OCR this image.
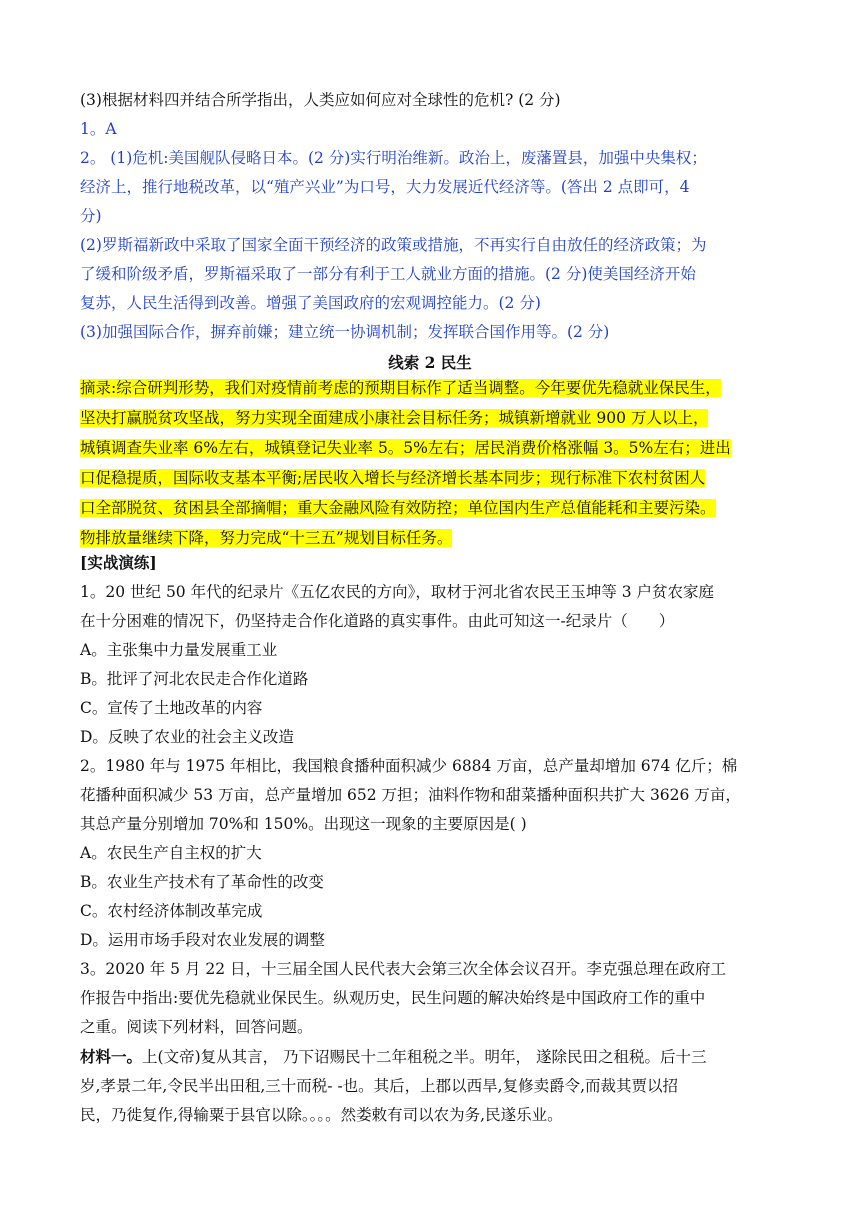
(3)根据材料四并结合所学指出，人类应如何应对全球性的危机? (2 分)

1。A

2。 (1)危机:美国舰队侵略日本。(2 分)实行明治维新。政治上，废藩置县，加强中央集权；
经济上，推行地税改革，以“殖产兴业”为口号，大力发展近代经济等。(答出 2 点即可，4
分)
(2)罗斯福新政中采取了国家全面干预经济的政策或措施，不再实行自由放任的经济政策；为
了缓和阶级矛盾，罗斯福采取了一部分有利于工人就业方面的措施。(2 分)使美国经济开始
复苏，人民生活得到改善。增强了美国政府的宏观调控能力。(2 分)

(3)加强国际合作，摒弃前嫌；建立统一协调机制；发挥联合国作用等。(2 分)

线索 2 民生

摘录:综合研判形势，我们对疫情前考虑的预期目标作了适当调整。今年要优先稳就业保民生，
坚决打赢脱贫攻坚战，努力实现全面建成小康社会目标任务；城镇新增就业 900 万人以上，
城镇调查失业率 6%左右，城镇登记失业率 5。5%左右；居民消费价格涨幅 3。5%左右；进出
口促稳提质，国际收支基本平衡;居民收入增长与经济增长基本同步；现行标准下农村贫困人
口全部脱贫、贫困县全部摘帽；重大金融风险有效防控；单位国内生产总值能耗和主要污染。
物排放量继续下降，努力完成“十三五”规划目标任务。

[实战演练]

1。20 世纪 50 年代的纪录片《五亿农民的方向》，取材于河北省农民王玉坤等 3 户贫农家庭
在十分困难的情况下，仍坚持走合作化道路的真实事件。由此可知这一-纪录片（　　）
A。主张集中力量发展重工业
B。批评了河北农民走合作化道路
C。宣传了土地改革的内容
D。反映了农业的社会主义改造
2。1980 年与 1975 年相比，我国粮食播种面积减少 6884 万亩，总产量却增加 674 亿斤；棉
花播种面积减少 53 万亩，总产量增加 652 万担；油料作物和甜菜播种面积共扩大 3626 万亩，
其总产量分别增加 70%和 150%。出现这一现象的主要原因是( )
A。农民生产自主权的扩大
B。农业生产技术有了革命性的改变
C。农村经济体制改革完成
D。运用市场手段对农业发展的调整
3。2020 年 5 月 22 日，十三届全国人民代表大会第三次全体会议召开。李克强总理在政府工
作报告中指出:要优先稳就业保民生。纵观历史，民生问题的解决始终是中国政府工作的重中
之重。阅读下列材料，回答问题。
材料一。上(文帝)复从其言， 乃下诏赐民十二年租税之半。明年， 遂除民田之租税。后十三
岁,孝景二年,令民半出田租,三十而税- -也。其后，上郡以西旱,复修卖爵令,而裁其贾以招
民，乃徙复作,得输粟于县官以除。。。。然娄敕有司以农为务,民遂乐业。
